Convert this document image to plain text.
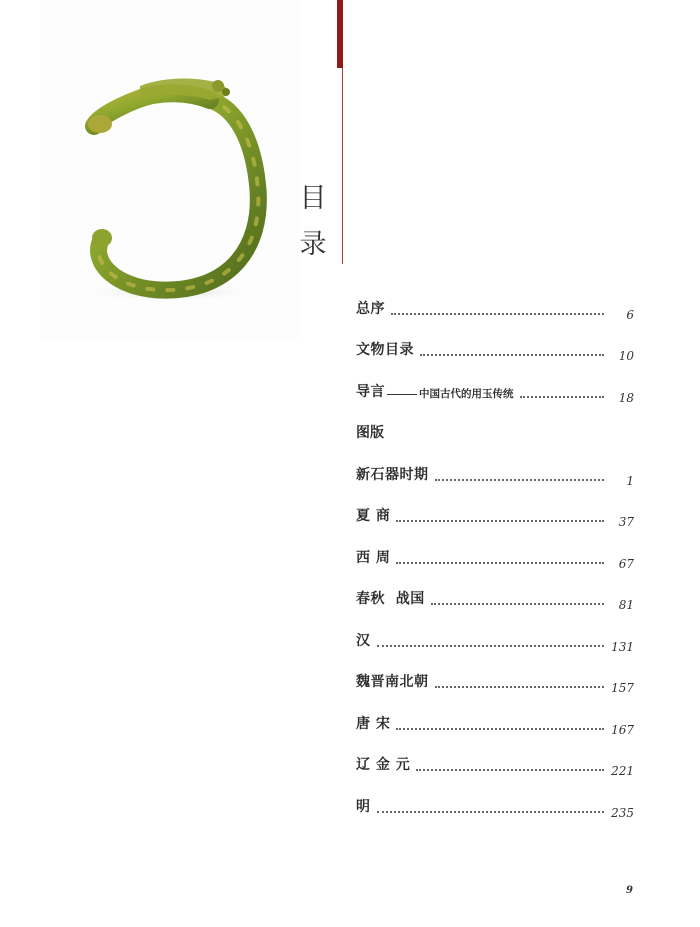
目
录
总序	6
文物目录	10
导言	中国古代的用玉传统	18
图版
新石器时期	1
夏 商	37
西 周	67
春秋  战国	81
汉	131
魏晋南北朝	157
唐 宋	167
辽 金 元	221
明	235
9
